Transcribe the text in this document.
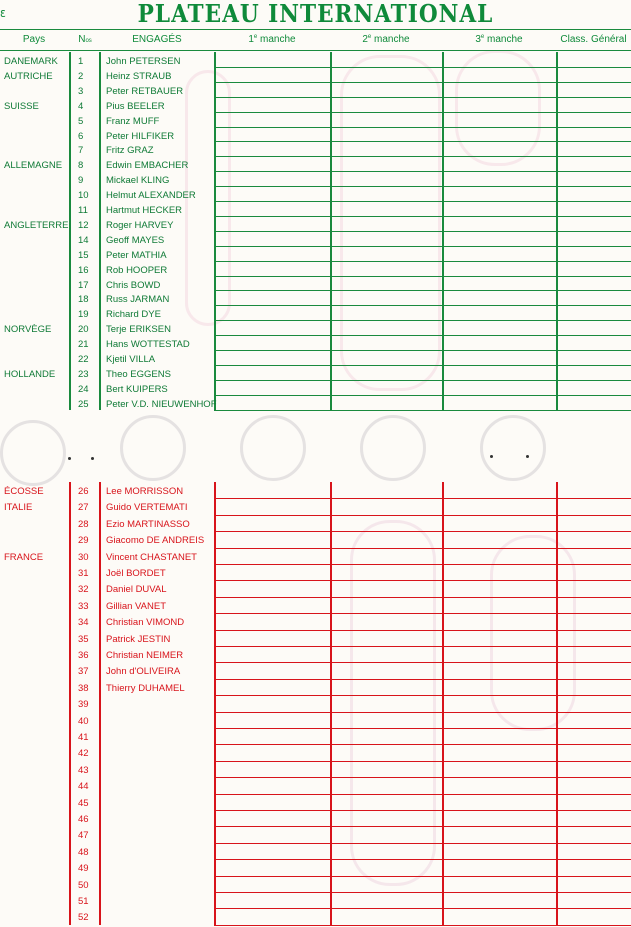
ε	PLATEAU INTERNATIONAL
Pays	Nos	ENGAGÉS	1e manche	2e manche	3e manche	Class. Général
DANEMARK 1 John PETERSEN
AUTRICHE	2 Heinz STRAUB
3 Peter RETBAUER
SUISSE	4 Pius BEELER
5 Franz MUFF
6 Peter HILFIKER
7 Fritz GRAZ
ALLEMAGNE 8 Edwin EMBACHER
9 Mickael KLING
10 Helmut ALEXANDER
11 Hartmut HECKER
ANGLETERRE 12 Roger HARVEY
14 Geoff MAYES
15 Peter MATHIA
16 Rob HOOPER
17 Chris BOWD
18 Russ JARMAN
19 Richard DYE
NORVÈGE	20 Terje ERIKSEN
21 Hans WOTTESTAD
22 Kjetil VILLA
HOLLANDE 23 Theo EGGENS
24 Bert KUIPERS
25 Peter V.D. NIEUWENHOF
ÉCOSSE	26 Lee MORRISSON
ITALIE	27 Guido VERTEMATI
28 Ezio MARTINASSO
29 Giacomo DE ANDREIS
FRANCE	30 Vincent CHASTANET
31 Joël BORDET
32 Daniel DUVAL
33 Gillian VANET
34 Christian VIMOND
35 Patrick JESTIN
36 Christian NEIMER
37 John d'OLIVEIRA
38 Thierry DUHAMEL
39
40
41
42
43
44
45
46
47
48
49
50
51
52
